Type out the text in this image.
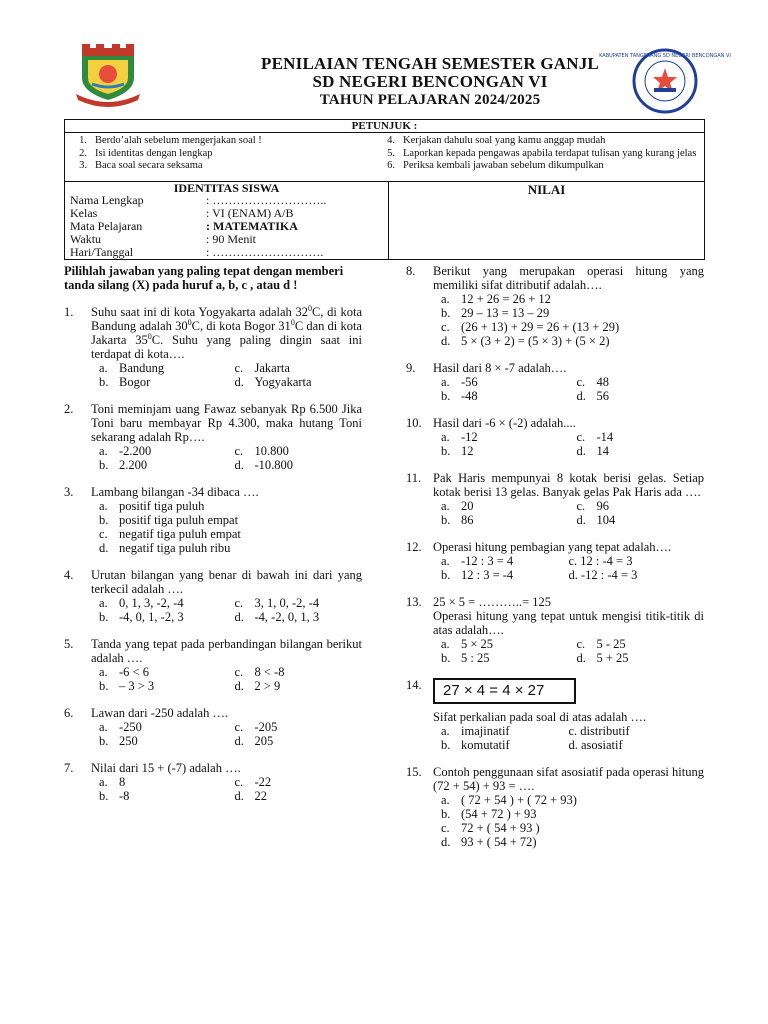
KABUPATEN TANGERANG SD NEGERI BENCONGAN VI
PENILAIAN TENGAH SEMESTER GANJL
SD NEGERI BENCONGAN VI
TAHUN PELAJARAN 2024/2025
PETUNJUK :
1. Berdo’alah sebelum mengerjakan soal !
2. Isi identitas dengan lengkap
3. Baca soal secara seksama
4. Kerjakan dahulu soal yang kamu anggap mudah
5. Laporkan kepada pengawas apabila terdapat tulisan yang kurang jelas
6. Periksa kembali jawaban sebelum dikumpulkan
IDENTITAS SISWA	NILAI
Nama Lengkap	: ………………………..
Kelas	: VI (ENAM) A/B
Mata Pelajaran	: MATEMATIKA
Waktu	: 90 Menit
Hari/Tanggal	: ……………………….
Pilihlah jawaban yang paling tepat dengan memberi tanda silang (X) pada huruf a, b, c , atau d !
1.	Suhu saat ini di kota Yogyakarta adalah $32^0C$, di kota Bandung adalah $30^0C$, di kota Bogor $31^0C$ dan di kota Jakarta $35^0C$. Suhu yang paling dingin saat ini terdapat di kota….
a. Bandung	c. Jakarta
b. Bogor	d. Yogyakarta
2.	Toni meminjam uang Fawaz sebanyak Rp 6.500 Jika Toni baru membayar Rp 4.300, maka hutang Toni sekarang adalah Rp….
a. -2.200	c. 10.800
b. 2.200	d. -10.800
3.	Lambang bilangan -34 dibaca ….
a. positif tiga puluh
b. positif tiga puluh empat
c. negatif tiga puluh empat
d. negatif tiga puluh ribu
4.	Urutan bilangan yang benar di bawah ini dari yang terkecil adalah ….
a. 0, 1, 3, -2, -4	c. 3, 1, 0, -2, -4
b. -4, 0, 1, -2, 3	d. -4, -2, 0, 1, 3
5.	Tanda yang tepat pada perbandingan bilangan berikut adalah ….
a. -6 < 6	c. 8 < -8
b. – 3 > 3	d. 2 > 9
6.	Lawan dari -250 adalah ….
a. -250	c. -205
b. 250	d. 205
7.	Nilai dari 15 + (-7) adalah ….
a. 8	c. -22
b. -8	d. 22
8.	Berikut yang merupakan operasi hitung yang memiliki sifat ditributif adalah….
a. 12 + 26 = 26 + 12
b. 29 – 13 = 13 – 29
c. (26 + 13) + 29 = 26 + (13 + 29)
d. 5 × (3 + 2) = (5 × 3) + (5 × 2)
9.	Hasil dari 8 × -7 adalah….
a. -56	c. 48
b. -48	d. 56
10. Hasil dari -6 × (-2) adalah....
a. -12	c. -14
b. 12	d. 14
11. Pak Haris mempunyai 8 kotak berisi gelas. Setiap kotak berisi 13 gelas. Banyak gelas Pak Haris ada ….
a. 20	c. 96
b. 86	d. 104
12. Operasi hitung pembagian yang tepat adalah….
a. -12 : 3 = 4	c. 12 : -4 = 3
b. 12 : 3 = -4	d. -12 : -4 = 3
13. 25 × 5 = ………..= 125
Operasi hitung yang tepat untuk mengisi titik-titik di atas adalah….
a. 5 × 25	c. 5 - 25
b. 5 : 25	d. 5 + 25
14.	27 × 4 = 4 × 27
Sifat perkalian pada soal di atas adalah ….
a. imajinatif	c. distributif
b. komutatif	d. asosiatif
15. Contoh penggunaan sifat asosiatif pada operasi hitung (72 + 54) + 93 = ….
a. ( 72 + 54 ) + ( 72 + 93)
b. (54 + 72 ) + 93
c. 72 + ( 54 + 93 )
d. 93 + ( 54 + 72)
